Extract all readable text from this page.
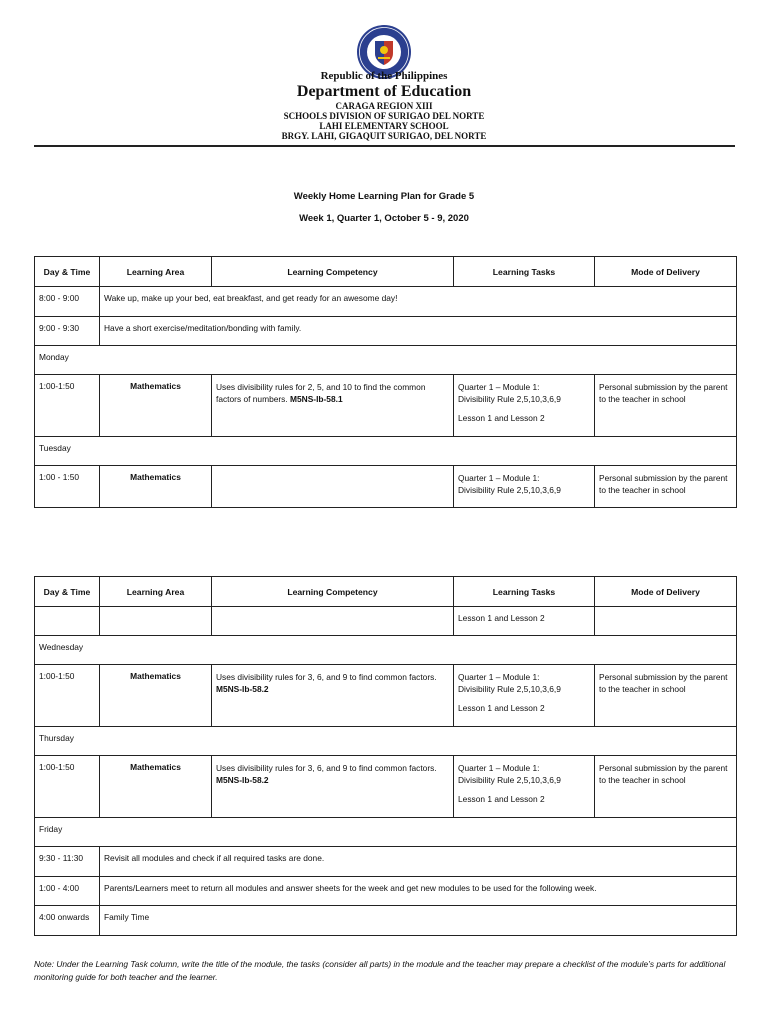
Republic of the Philippines
Department of Education
CARAGA REGION XIII
SCHOOLS DIVISION OF SURIGAO DEL NORTE
LAHI ELEMENTARY SCHOOL
BRGY. LAHI, GIGAQUIT SURIGAO, DEL NORTE
Weekly Home Learning Plan for Grade 5
Week 1, Quarter 1, October 5 - 9, 2020
Day & Time	Learning Area	Learning Competency	Learning Tasks	Mode of Delivery
8:00 - 9:00	Wake up, make up your bed, eat breakfast, and get ready for an awesome day!			
9:00 - 9:30	Have a short exercise/meditation/bonding with family.			
Monday				
1:00-1:50	Mathematics	Uses divisibility rules for 2, 5, and 10 to find the common factors of numbers. M5NS-Ib-58.1	Quarter 1 – Module 1:
Divisibility Rule 2,5,10,3,6,9
Lesson 1 and Lesson 2	Personal submission by the parent to the teacher in school

Tuesday				
1:00 - 1:50	Mathematics		Quarter 1 – Module 1:
Divisibility Rule 2,5,10,3,6,9	Personal submission by the parent to the teacher in school
Day & Time	Learning Area	Learning Competency	Learning Tasks	Mode of Delivery
			Lesson 1 and Lesson 2	
Wednesday				
1:00-1:50	Mathematics	Uses divisibility rules for 3, 6, and 9 to find common factors. M5NS-Ib-58.2	Quarter 1 – Module 1:
Divisibility Rule 2,5,10,3,6,9
Lesson 1 and Lesson 2	Personal submission by the parent to the teacher in school

Thursday				
1:00-1:50	Mathematics	Uses divisibility rules for 3, 6, and 9 to find common factors. M5NS-Ib-58.2	Quarter 1 – Module 1:
Divisibility Rule 2,5,10,3,6,9
Lesson 1 and Lesson 2	Personal submission by the parent to the teacher in school

Friday				
9:30 - 11:30	Revisit all modules and check if all required tasks are done.			
1:00 - 4:00	Parents/Learners meet to return all modules and answer sheets for the week and get new modules to be used for the following week.			
4:00 onwards	Family Time			
Note: Under the Learning Task column, write the title of the module, the tasks (consider all parts) in the module and the teacher may prepare a checklist of the module’s parts for additional monitoring guide for both teacher and the learner.
